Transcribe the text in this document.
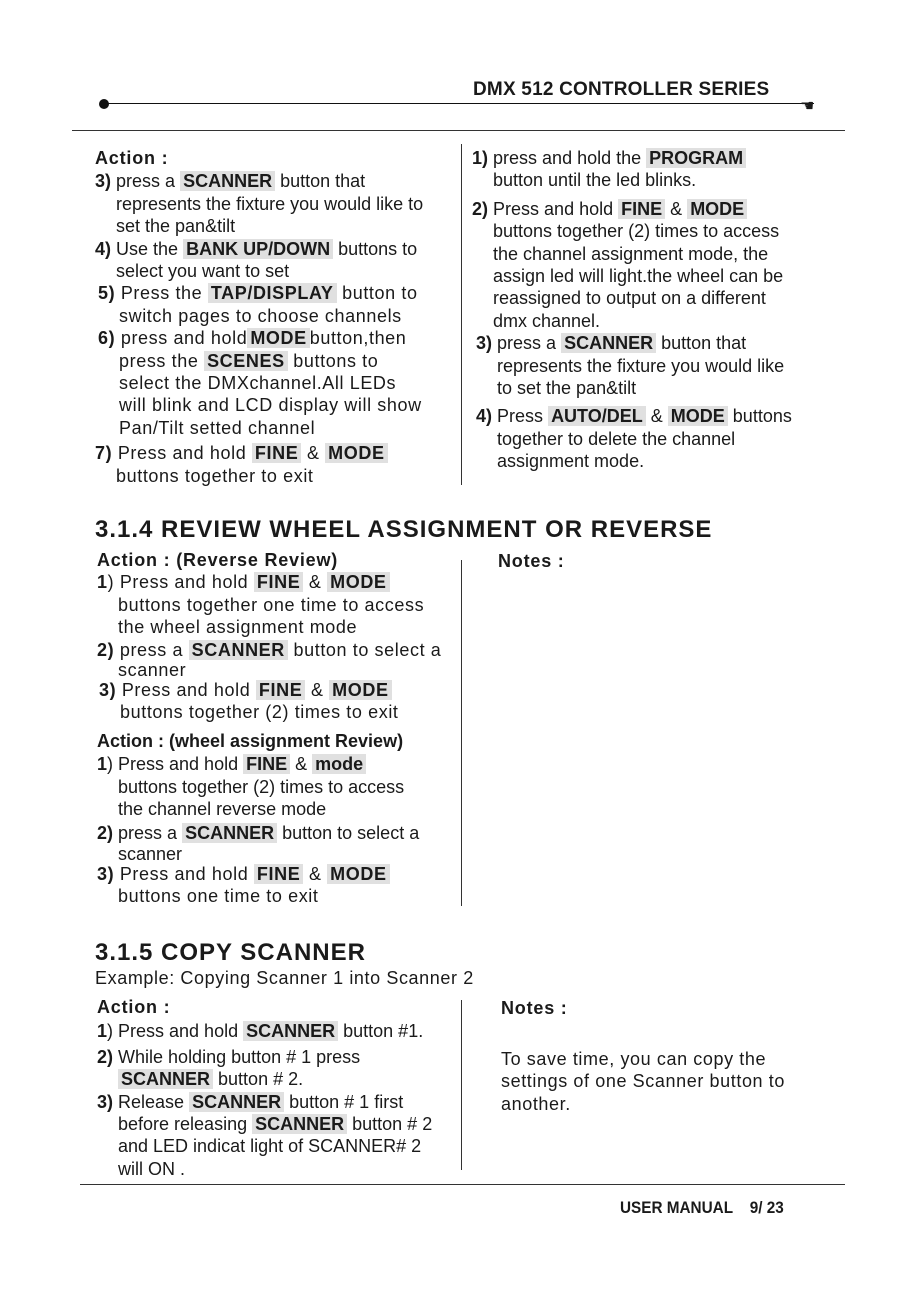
DMX 512 CONTROLLER SERIES
☚
Action :
3) press a SCANNER button that
represents the fixture you would like to
set the pan&tilt
4) Use the BANK UP/DOWN buttons to
select you want to set
5) Press the TAP/DISPLAY button to
switch pages to choose channels
6) press and hold MODE button,then
press the SCENES buttons to
select the DMXchannel.All LEDs
will blink and LCD display will show
Pan/Tilt setted channel
7) Press and hold FINE & MODE
buttons together to exit
1) press and hold the PROGRAM
button until the led blinks.
2) Press and hold FINE & MODE
buttons together (2) times to access
the channel assignment mode, the
assign led will light.the wheel can be
reassigned to output on a different
dmx channel.
3) press a SCANNER button that
represents the fixture you would like
to set the pan&tilt
4) Press AUTO/DEL & MODE buttons
together to delete the channel
assignment mode.
3.1.4 REVIEW WHEEL ASSIGNMENT OR REVERSE
Action : (Reverse Review)
1) Press and hold FINE & MODE
buttons together one time to access
the wheel assignment mode
2) press a SCANNER button to select a
scanner
3) Press and hold FINE & MODE
buttons together (2) times to exit
Action : (wheel assignment Review)
1) Press and hold FINE & mode
buttons together (2) times to access
the channel reverse mode
2) press a SCANNER button to select a
scanner
3) Press and hold FINE & MODE
buttons one time to exit
Notes :
3.1.5 COPY SCANNER
Example: Copying Scanner 1 into Scanner 2
Action :
1) Press and hold SCANNER button #1.
2) While holding button # 1 press
SCANNER button # 2.
3) Release SCANNER button # 1 first
before releasing SCANNER button # 2
and LED indicat light of SCANNER# 2
will ON .
Notes :
To save time, you can copy the
settings of one Scanner button to
another.
USER MANUAL    9/ 23
